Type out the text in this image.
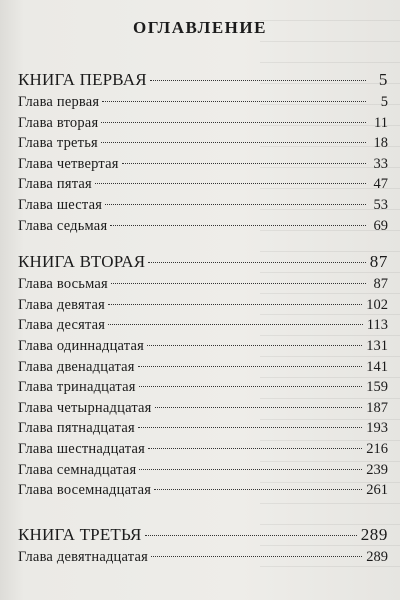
ОГЛАВЛЕНИЕ
КНИГА ПЕРВАЯ	5
Глава первая	5
Глава вторая	11
Глава третья	18
Глава четвертая	33
Глава пятая	47
Глава шестая	53
Глава седьмая	69
КНИГА ВТОРАЯ	87
Глава восьмая	87
Глава девятая	102
Глава десятая	113
Глава одиннадцатая	131
Глава двенадцатая	141
Глава тринадцатая	159
Глава четырнадцатая	187
Глава пятнадцатая	193
Глава шестнадцатая	216
Глава семнадцатая	239
Глава восемнадцатая	261
КНИГА ТРЕТЬЯ	289
Глава девятнадцатая	289
